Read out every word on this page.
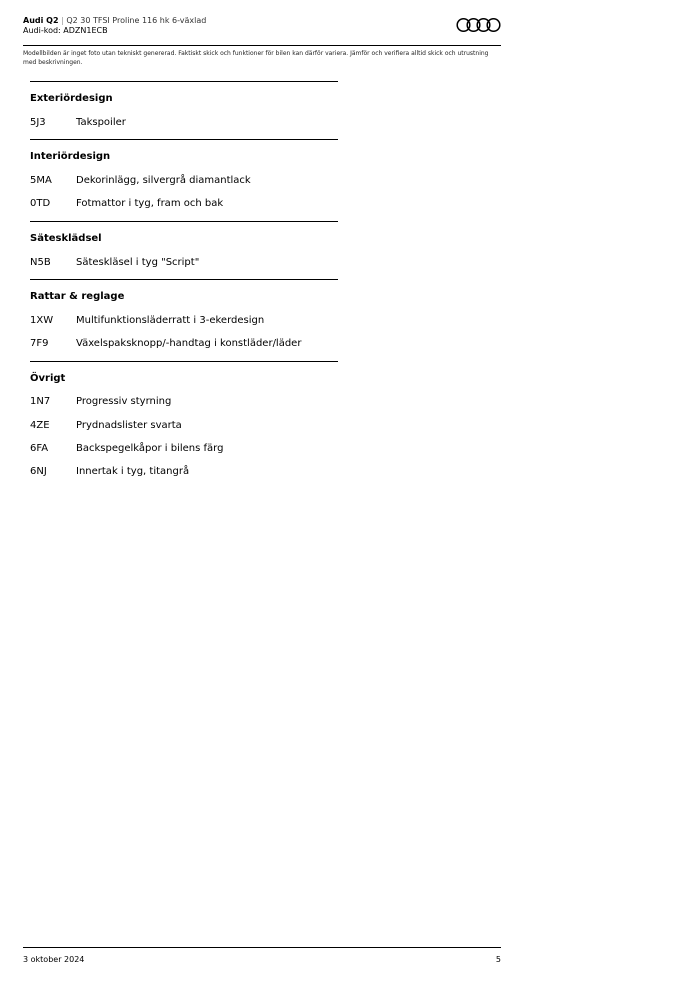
Audi Q2 | Q2 30 TFSI Proline 116 hk 6-växlad
Audi-kod: ADZN1ECB
Modellbilden är inget foto utan tekniskt genererad. Faktiskt skick och funktioner för bilen kan därför variera. Jämför och verifiera alltid skick och utrustning med beskrivningen.
Exteriördesign
5J3	Takspoiler
Interiördesign
5MA	Dekorinlägg, silvergrå diamantlack
0TD	Fotmattor i tyg, fram och bak
Sätesklädsel
N5B	Säteskläsel i tyg "Script"
Rattar & reglage
1XW	Multifunktionsläderratt i 3-ekerdesign
7F9	Växelspaksknopp/-handtag i konstläder/läder
Övrigt
1N7	Progressiv styrning
4ZE	Prydnadslister svarta
6FA	Backspegelkåpor i bilens färg
6NJ	Innertak i tyg, titangrå
3 oktober 2024	5
